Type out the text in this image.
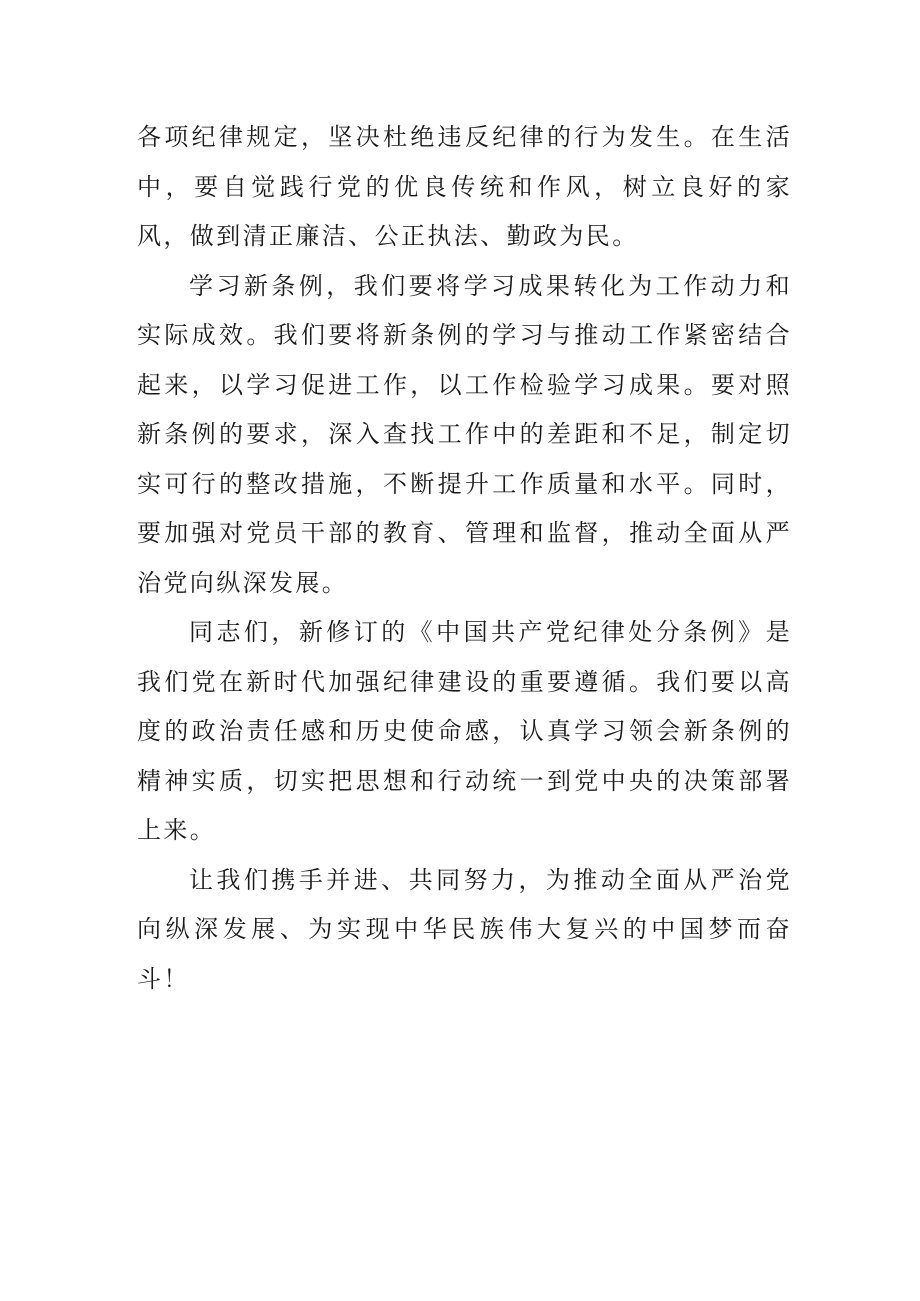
各项纪律规定，坚决杜绝违反纪律的行为发生。在生活中，要自觉践行党的优良传统和作风，树立良好的家风，做到清正廉洁、公正执法、勤政为民。

学习新条例，我们要将学习成果转化为工作动力和实际成效。我们要将新条例的学习与推动工作紧密结合起来，以学习促进工作，以工作检验学习成果。要对照新条例的要求，深入查找工作中的差距和不足，制定切实可行的整改措施，不断提升工作质量和水平。同时，要加强对党员干部的教育、管理和监督，推动全面从严治党向纵深发展。

同志们，新修订的《中国共产党纪律处分条例》是我们党在新时代加强纪律建设的重要遵循。我们要以高度的政治责任感和历史使命感，认真学习领会新条例的精神实质，切实把思想和行动统一到党中央的决策部署上来。

让我们携手并进、共同努力，为推动全面从严治党向纵深发展、为实现中华民族伟大复兴的中国梦而奋斗！
